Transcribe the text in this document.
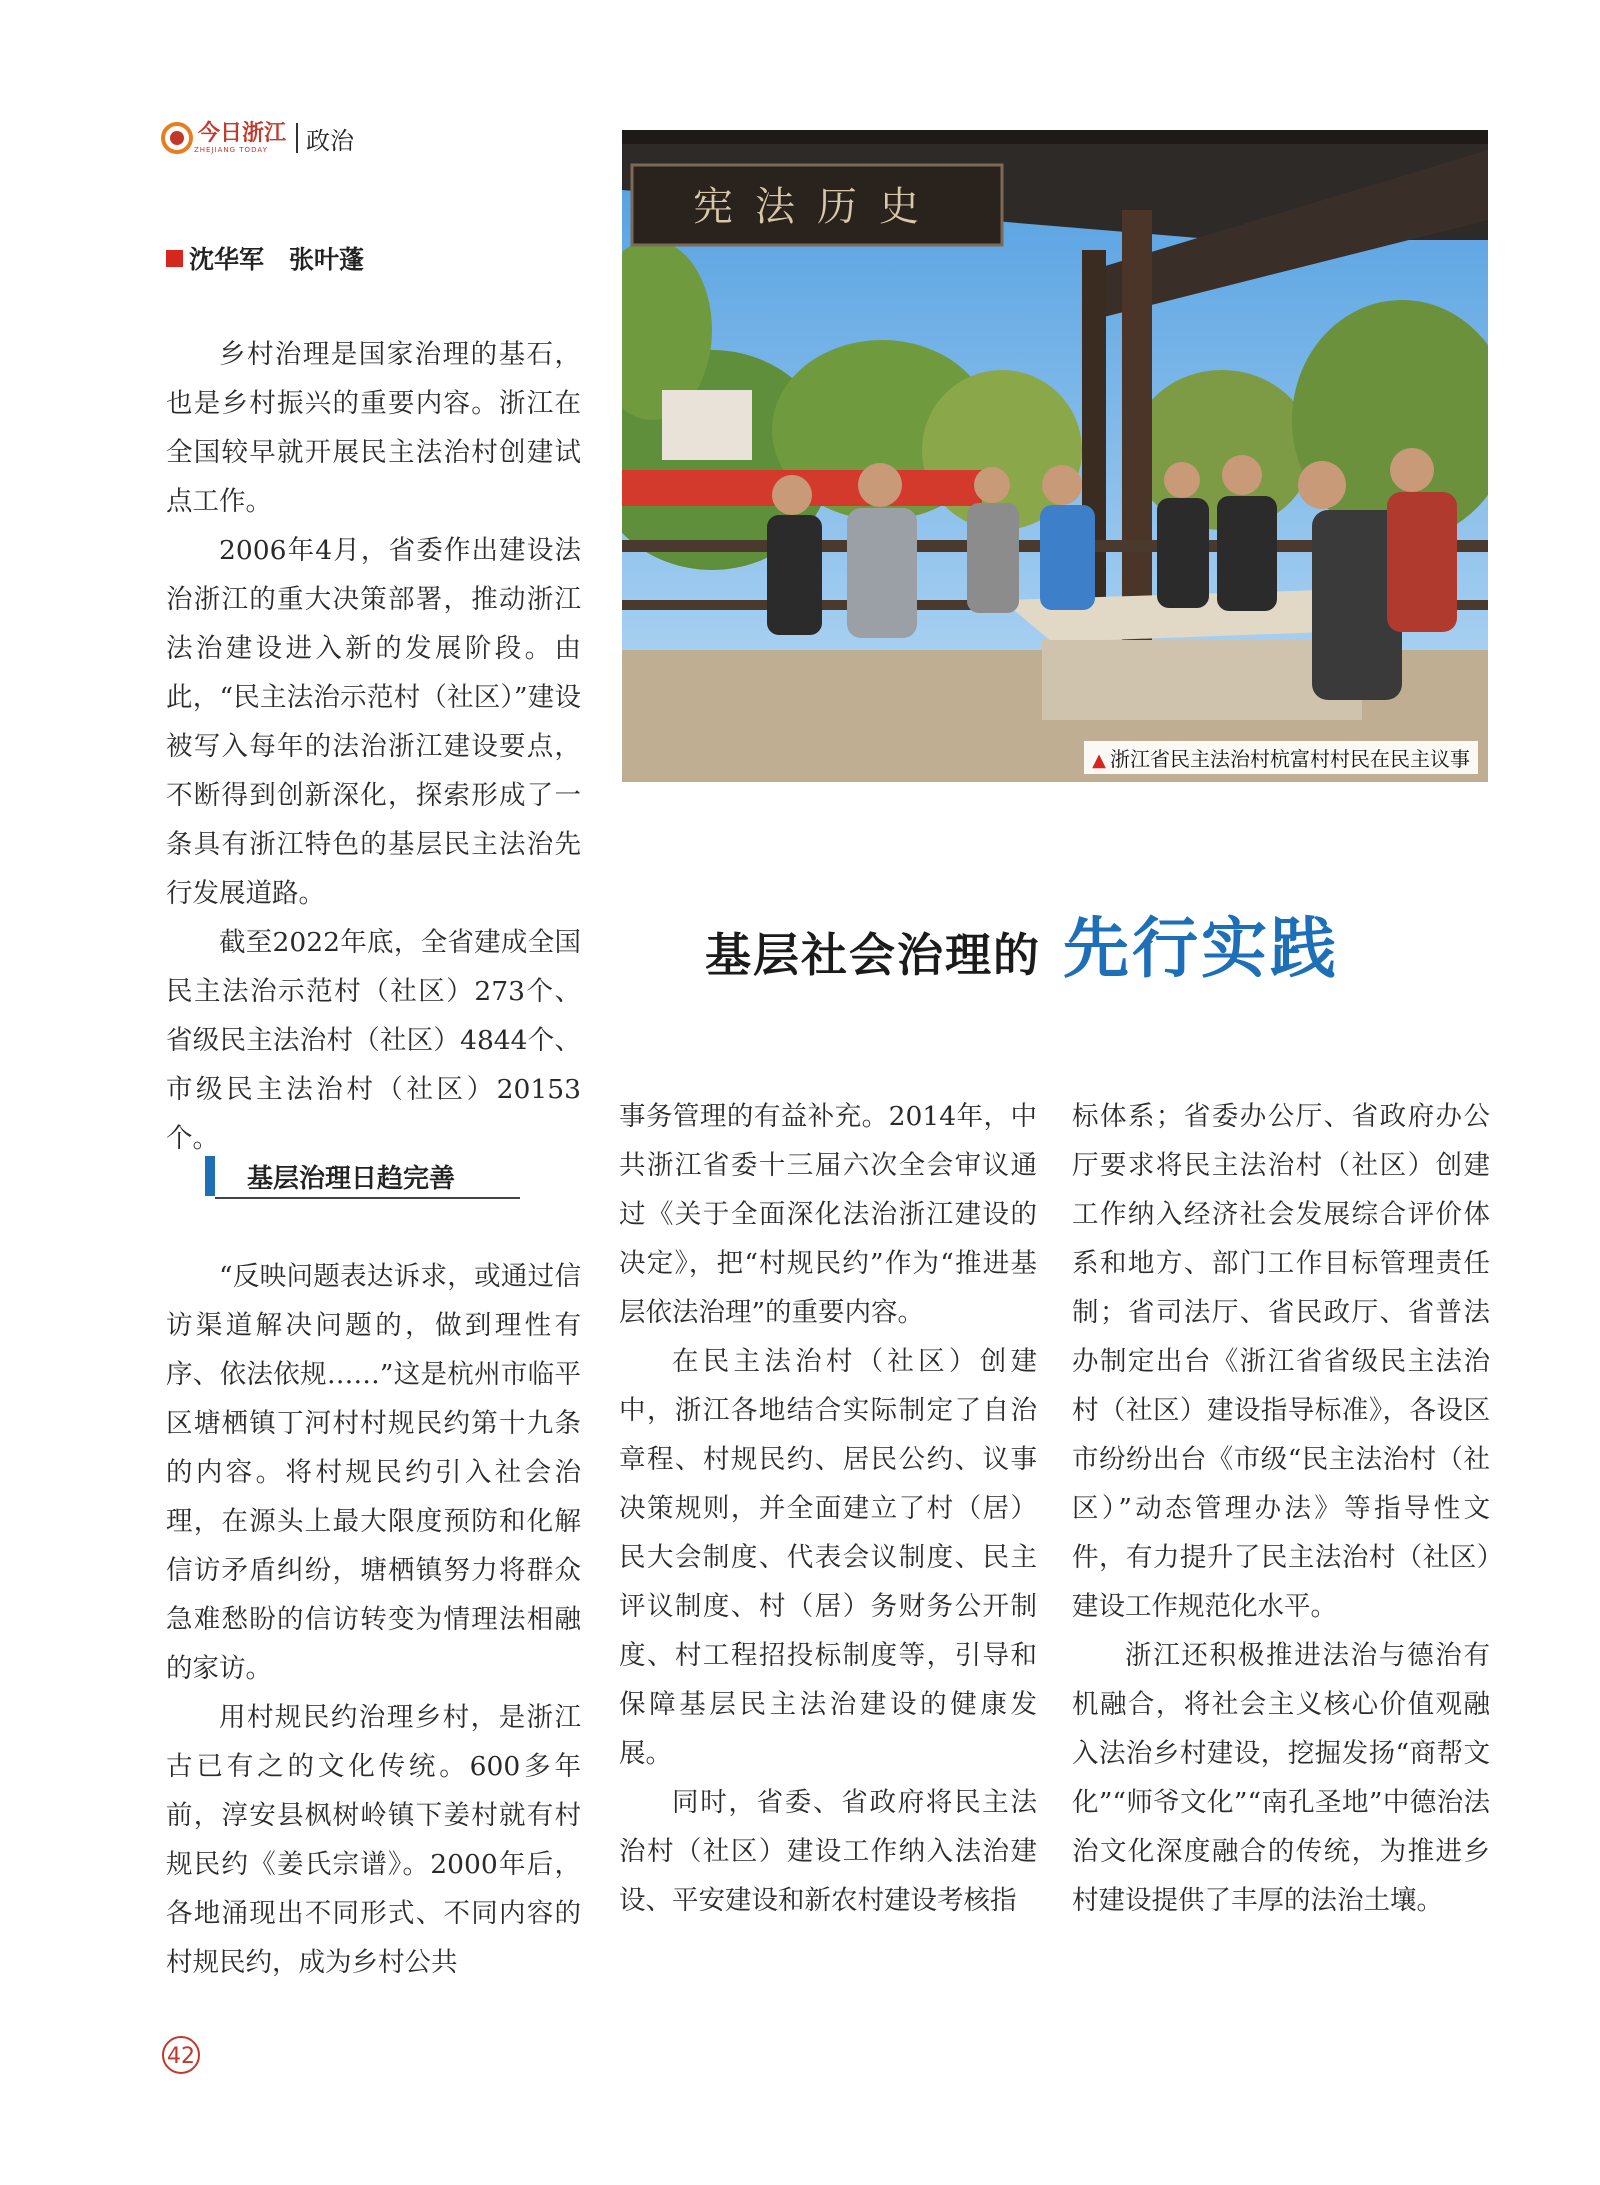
今日浙江
ZHEJIANG TODAY	政治
沈华军　张叶蓬

乡村治理是国家治理的基石，也是乡村振兴的重要内容。浙江在全国较早就开展民主法治村创建试点工作。

2006年4月，省委作出建设法治浙江的重大决策部署，推动浙江法治建设进入新的发展阶段。由此，“民主法治示范村（社区）”建设被写入每年的法治浙江建设要点，不断得到创新深化，探索形成了一条具有浙江特色的基层民主法治先行发展道路。

截至2022年底，全省建成全国民主法治示范村（社区）273个、省级民主法治村（社区）4844个、市级民主法治村（社区）20153个。

基层治理日趋完善

“反映问题表达诉求，或通过信访渠道解决问题的，做到理性有序、依法依规……”这是杭州市临平区塘栖镇丁河村村规民约第十九条的内容。将村规民约引入社会治理，在源头上最大限度预防和化解信访矛盾纠纷，塘栖镇努力将群众急难愁盼的信访转变为情理法相融的家访。

用村规民约治理乡村，是浙江古已有之的文化传统。600多年前，淳安县枫树岭镇下姜村就有村规民约《姜氏宗谱》。2000年后，各地涌现出不同形式、不同内容的村规民约，成为乡村公共

宪法历史
▲ 浙江省民主法治村杭富村村民在民主议事
基层社会治理的 先行实践

事务管理的有益补充。2014年，中共浙江省委十三届六次全会审议通过《关于全面深化法治浙江建设的决定》，把“村规民约”作为“推进基层依法治理”的重要内容。

在民主法治村（社区）创建中，浙江各地结合实际制定了自治章程、村规民约、居民公约、议事决策规则，并全面建立了村（居）民大会制度、代表会议制度、民主评议制度、村（居）务财务公开制度、村工程招投标制度等，引导和保障基层民主法治建设的健康发展。

同时，省委、省政府将民主法治村（社区）建设工作纳入法治建设、平安建设和新农村建设考核指

标体系；省委办公厅、省政府办公厅要求将民主法治村（社区）创建工作纳入经济社会发展综合评价体系和地方、部门工作目标管理责任制；省司法厅、省民政厅、省普法办制定出台《浙江省省级民主法治村（社区）建设指导标准》，各设区市纷纷出台《市级“民主法治村（社区）”动态管理办法》等指导性文件，有力提升了民主法治村（社区）建设工作规范化水平。

浙江还积极推进法治与德治有机融合，将社会主义核心价值观融入法治乡村建设，挖掘发扬“商帮文化”“师爷文化”“南孔圣地”中德治法治文化深度融合的传统，为推进乡村建设提供了丰厚的法治土壤。

42
